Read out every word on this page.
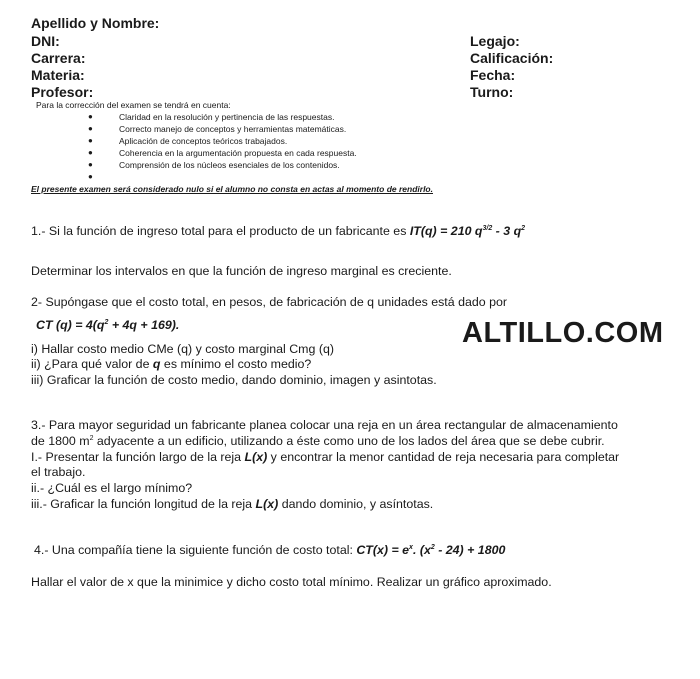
Apellido y Nombre:
DNI:
Carrera:
Materia:
Profesor:
Legajo:
Calificación:
Fecha:
Turno:
Para la corrección del examen se tendrá en cuenta:
●	Claridad en la resolución y pertinencia de las respuestas.
●	Correcto manejo de conceptos y herramientas matemáticas.
●	Aplicación de conceptos teóricos trabajados.
●	Coherencia en la argumentación propuesta en cada respuesta.
●	Comprensión de los núcleos esenciales de los contenidos.
●
El presente examen será considerado nulo si el alumno no consta en actas al momento de rendirlo.
1.- Si la función de ingreso total para el producto de un fabricante es IT(q) = 210 $q^{3/2} - 3$ $q^2$
Determinar los intervalos en que la función de ingreso marginal es creciente.
2- Supóngase que el costo total, en pesos, de fabricación de q unidades está dado por
CT $(q) = 4(q^2 + 4q + 169)$.	ALTILLO.COM
i) Hallar costo medio CMe (q) y costo marginal Cmg (q)
ii) ¿Para qué valor de q es mínimo el costo medio?
iii) Graficar la función de costo medio, dando dominio, imagen y asintotas.
3.- Para mayor seguridad un fabricante planea colocar una reja en un área rectangular de almacenamiento
de 1800 $m^2$ adyacente a un edificio, utilizando a éste como uno de los lados del área que se debe cubrir.
I.- Presentar la función largo de la reja L(x) y encontrar la menor cantidad de reja necesaria para completar
el trabajo.
ii.- ¿Cuál es el largo mínimo?
iii.- Graficar la función longitud de la reja L(x) dando dominio, y asíntotas.
4.- Una compañía tiene la siguiente función de costo total: $CT(x) = e^x$. $(x^2 - 24) + 1800$
Hallar el valor de x que la minimice y dicho costo total mínimo. Realizar un gráfico aproximado.
